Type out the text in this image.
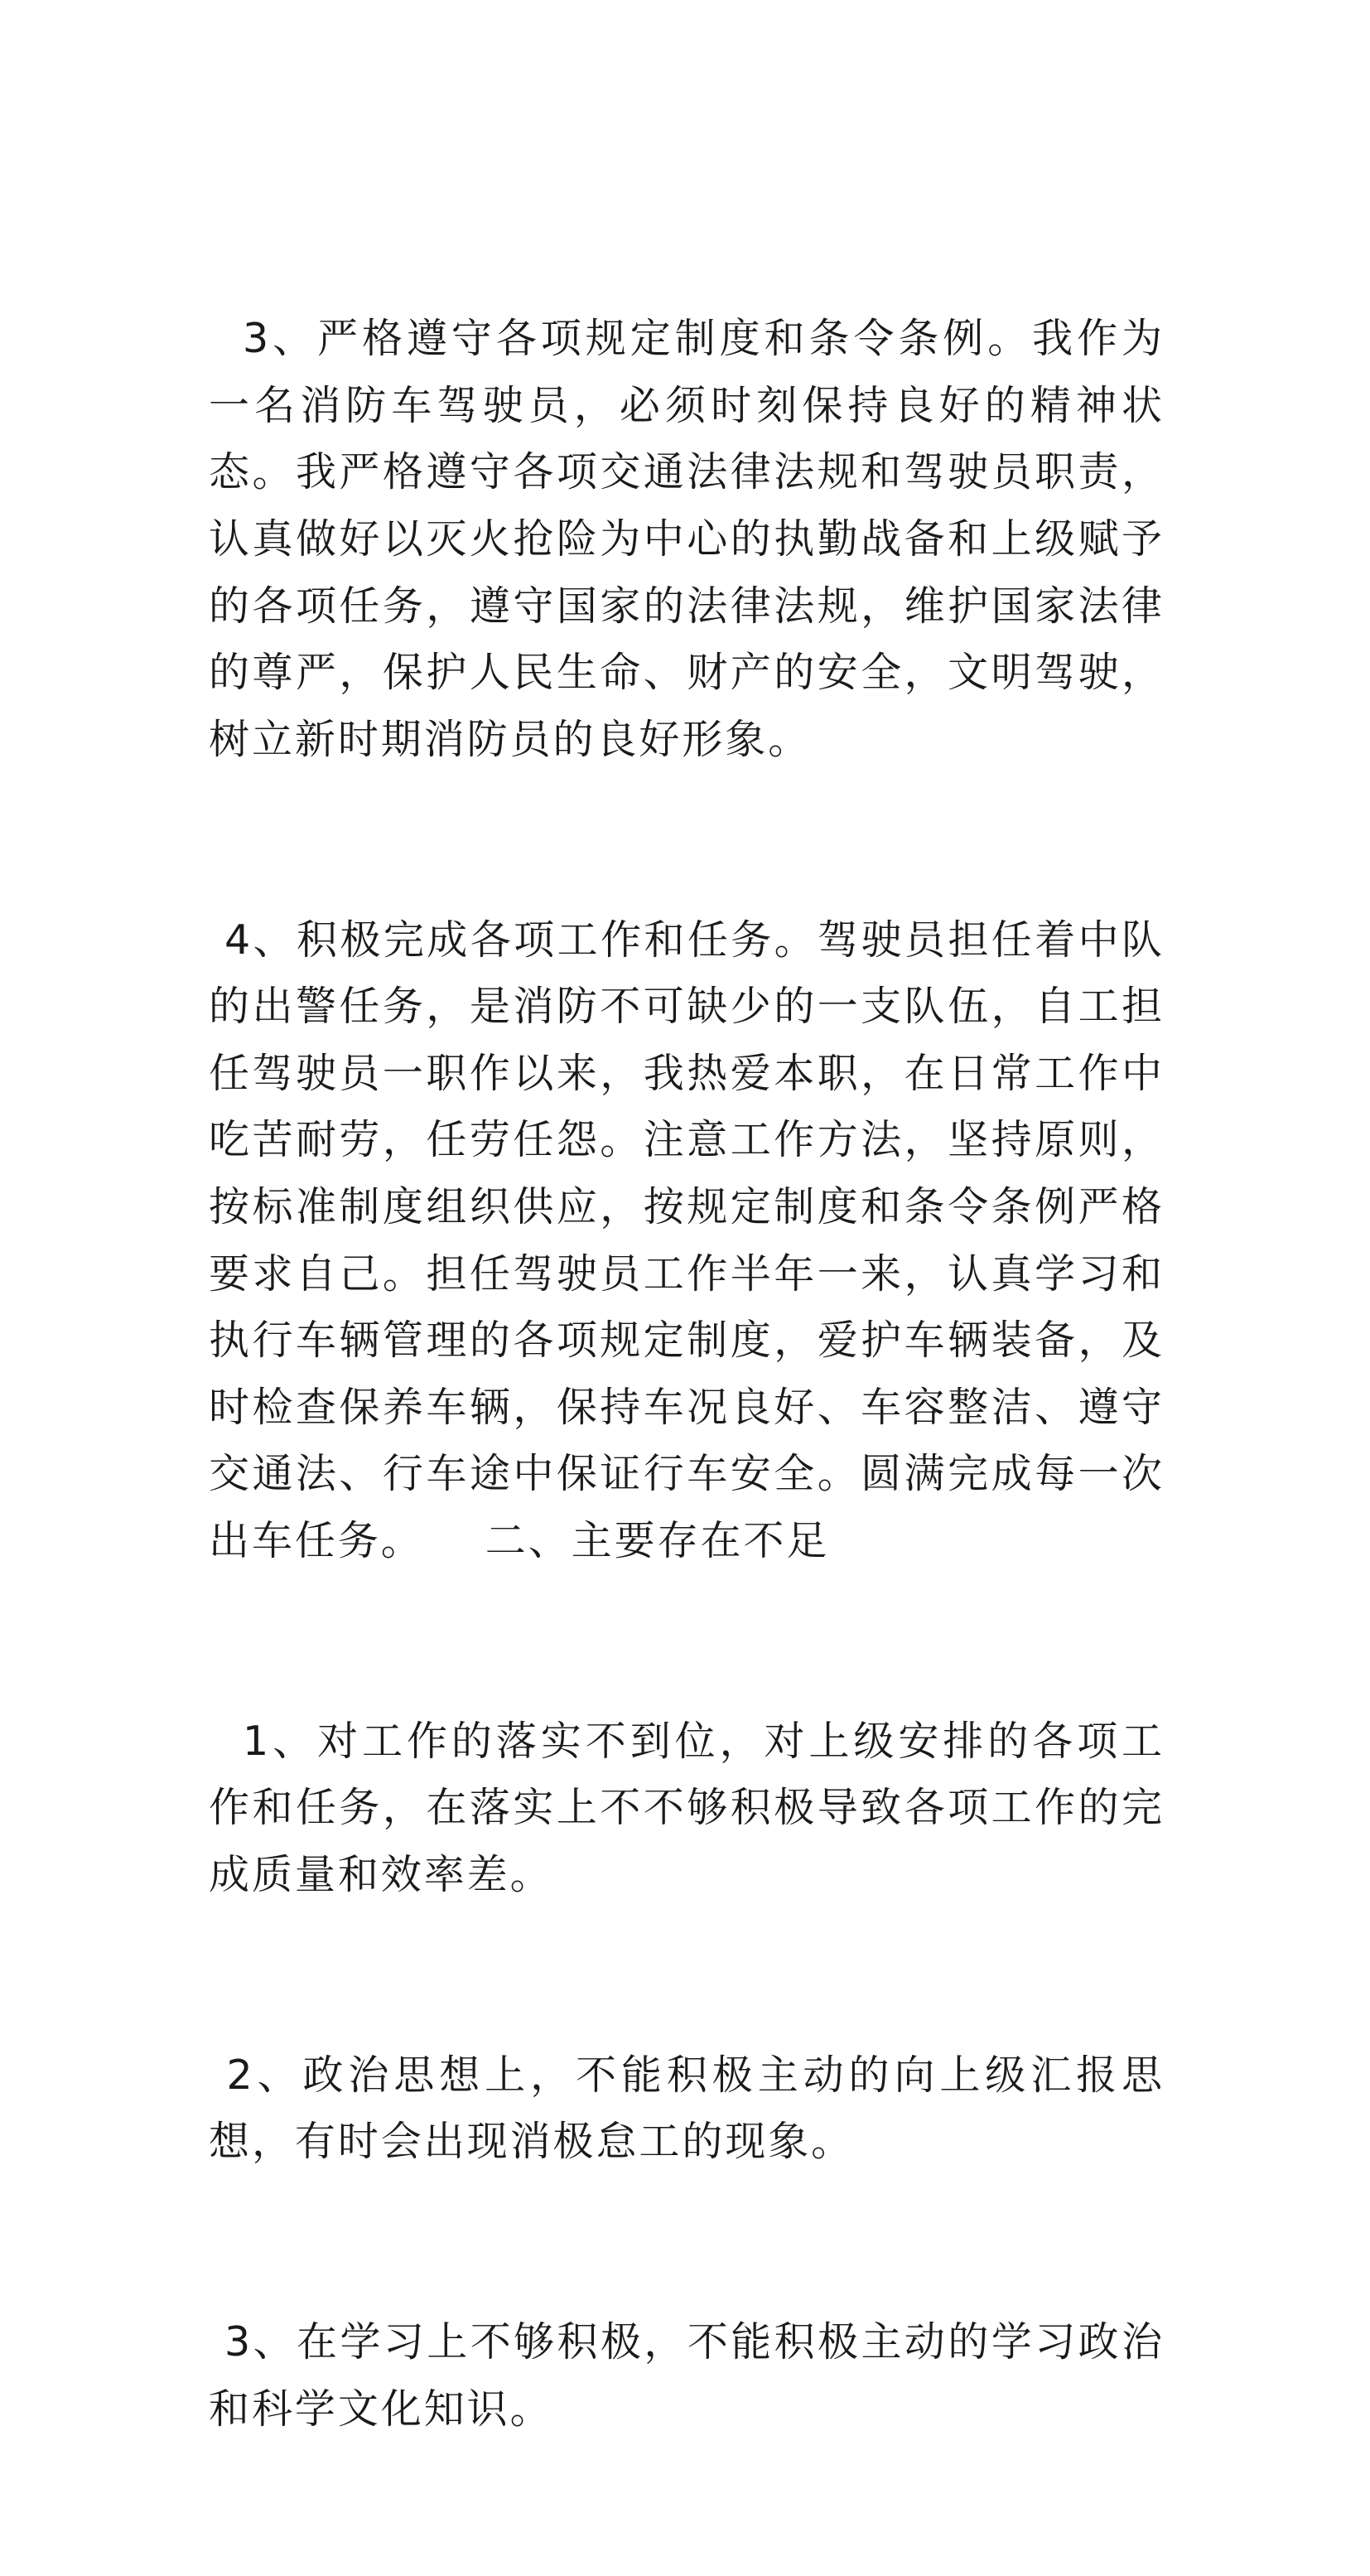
3、严格遵守各项规定制度和条令条例。我作为一名消防车驾驶员，必须时刻保持良好的精神状态。我严格遵守各项交通法律法规和驾驶员职责，认真做好以灭火抢险为中心的执勤战备和上级赋予的各项任务，遵守国家的法律法规，维护国家法律的尊严，保护人民生命、财产的安全，文明驾驶，树立新时期消防员的良好形象。

4、积极完成各项工作和任务。驾驶员担任着中队的出警任务，是消防不可缺少的一支队伍，自工担任驾驶员一职作以来，我热爱本职，在日常工作中吃苦耐劳，任劳任怨。注意工作方法，坚持原则，按标准制度组织供应，按规定制度和条令条例严格要求自己。担任驾驶员工作半年一来，认真学习和执行车辆管理的各项规定制度，爱护车辆装备，及时检查保养车辆，保持车况良好、车容整洁、遵守交通法、行车途中保证行车安全。圆满完成每一次出车任务。    二、主要存在不足

1、对工作的落实不到位，对上级安排的各项工作和任务，在落实上不不够积极导致各项工作的完成质量和效率差。

2、政治思想上，不能积极主动的向上级汇报思想，有时会出现消极怠工的现象。

3、在学习上不够积极，不能积极主动的学习政治和科学文化知识。
